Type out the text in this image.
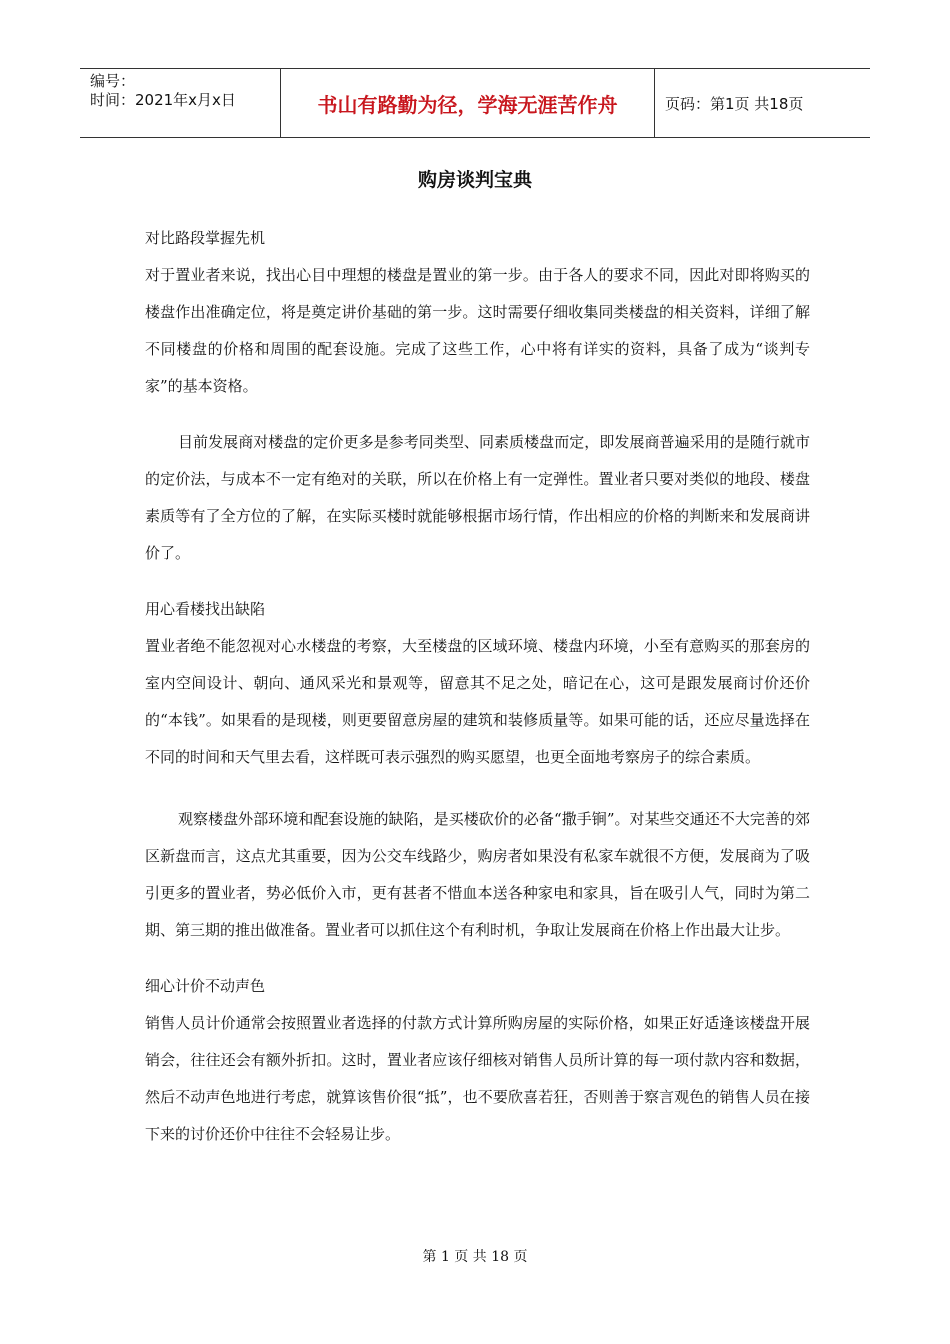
编号：
时间：2021年x月x日	书山有路勤为径，学海无涯苦作舟	页码：第1页 共18页
购房谈判宝典

对比路段掌握先机

对于置业者来说，找出心目中理想的楼盘是置业的第一步。由于各人的要求不同，因此对即将购买的楼盘作出准确定位，将是奠定讲价基础的第一步。这时需要仔细收集同类楼盘的相关资料，详细了解不同楼盘的价格和周围的配套设施。完成了这些工作，心中将有详实的资料，具备了成为“谈判专家”的基本资格。

目前发展商对楼盘的定价更多是参考同类型、同素质楼盘而定，即发展商普遍采用的是随行就市的定价法，与成本不一定有绝对的关联，所以在价格上有一定弹性。置业者只要对类似的地段、楼盘素质等有了全方位的了解，在实际买楼时就能够根据市场行情，作出相应的价格的判断来和发展商讲价了。

用心看楼找出缺陷

置业者绝不能忽视对心水楼盘的考察，大至楼盘的区域环境、楼盘内环境，小至有意购买的那套房的室内空间设计、朝向、通风采光和景观等，留意其不足之处，暗记在心，这可是跟发展商讨价还价的“本钱”。如果看的是现楼，则更要留意房屋的建筑和装修质量等。如果可能的话，还应尽量选择在不同的时间和天气里去看，这样既可表示强烈的购买愿望，也更全面地考察房子的综合素质。

观察楼盘外部环境和配套设施的缺陷，是买楼砍价的必备“撒手锏”。对某些交通还不大完善的郊区新盘而言，这点尤其重要，因为公交车线路少，购房者如果没有私家车就很不方便，发展商为了吸引更多的置业者，势必低价入市，更有甚者不惜血本送各种家电和家具，旨在吸引人气，同时为第二期、第三期的推出做准备。置业者可以抓住这个有利时机，争取让发展商在价格上作出最大让步。

细心计价不动声色

销售人员计价通常会按照置业者选择的付款方式计算所购房屋的实际价格，如果正好适逢该楼盘开展销会，往往还会有额外折扣。这时，置业者应该仔细核对销售人员所计算的每一项付款内容和数据，然后不动声色地进行考虑，就算该售价很“抵”，也不要欣喜若狂，否则善于察言观色的销售人员在接下来的讨价还价中往往不会轻易让步。

第 1 页 共 18 页
